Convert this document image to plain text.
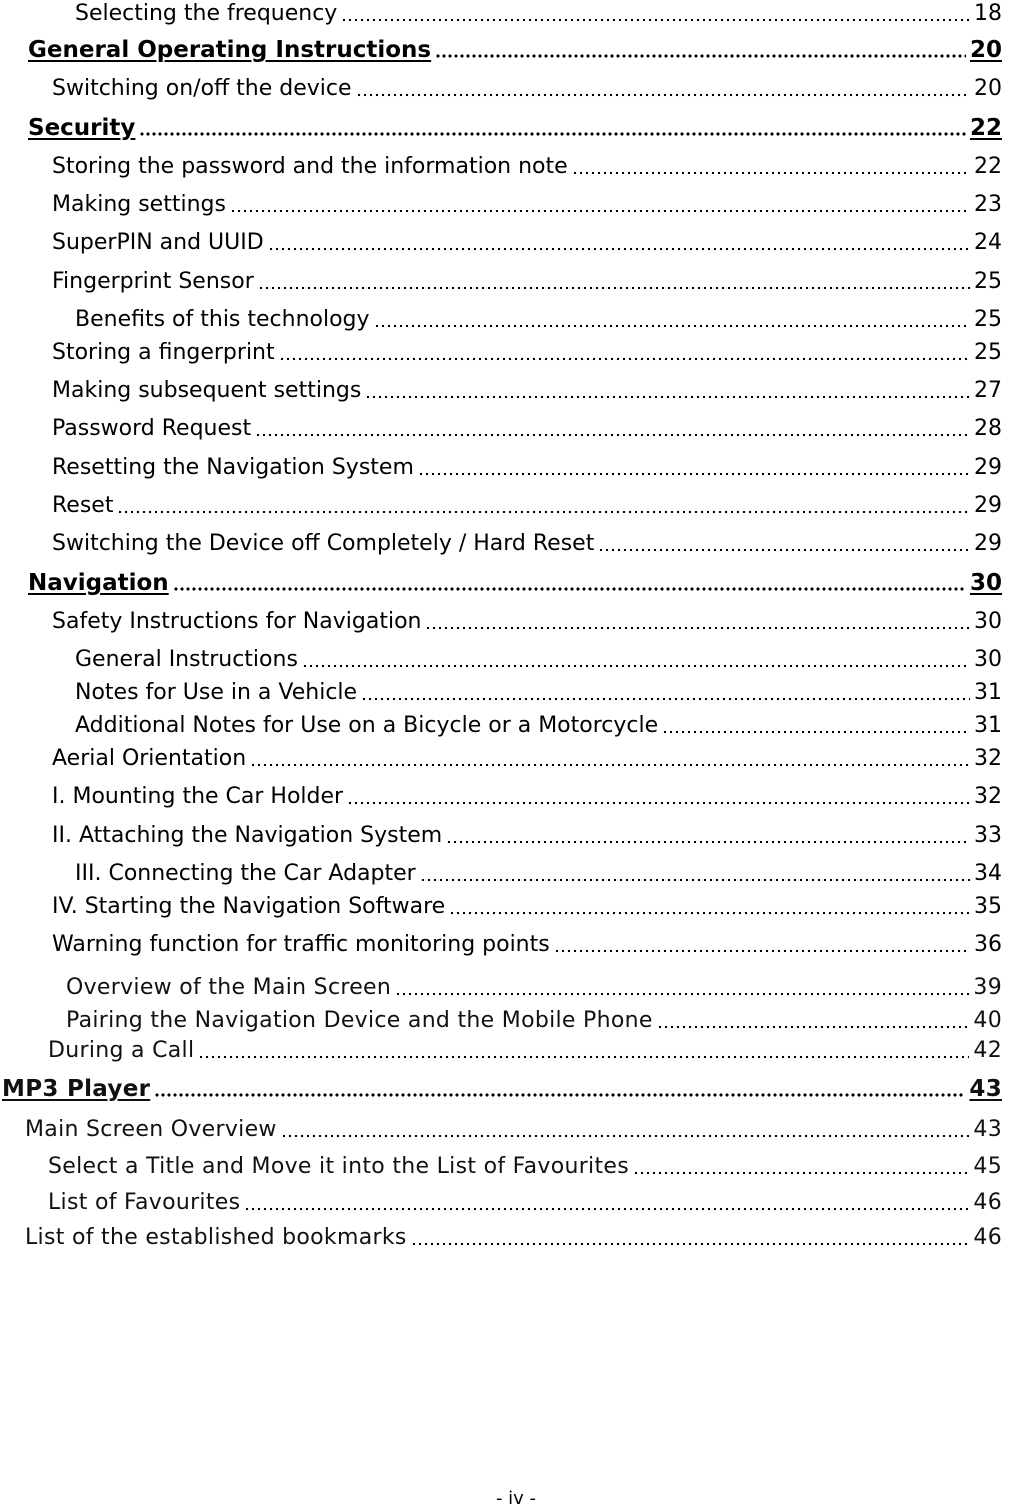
Selecting the frequency	18
General Operating Instructions	20
Switching on/off the device	20
Security	22
Storing the password and the information note	22
Making settings	23
SuperPIN and UUID	24
Fingerprint Sensor	25
Benefits of this technology	25
Storing a fingerprint	25
Making subsequent settings	27
Password Request	28
Resetting the Navigation System	29
Reset	29
Switching the Device off Completely / Hard Reset	29
Navigation	30
Safety Instructions for Navigation	30
General Instructions	30
Notes for Use in a Vehicle	31
Additional Notes for Use on a Bicycle or a Motorcycle	31
Aerial Orientation	32
I. Mounting the Car Holder	32
II. Attaching the Navigation System	33
III. Connecting the Car Adapter	34
IV. Starting the Navigation Software	35
Warning function for traffic monitoring points	36
Overview of the Main Screen	39
Pairing the Navigation Device and the Mobile Phone	40
During a Call	42
MP3 Player	43
Main Screen Overview	43
Select a Title and Move it into the List of Favourites	45
List of Favourites	46
List of the established bookmarks	46
- iv -
